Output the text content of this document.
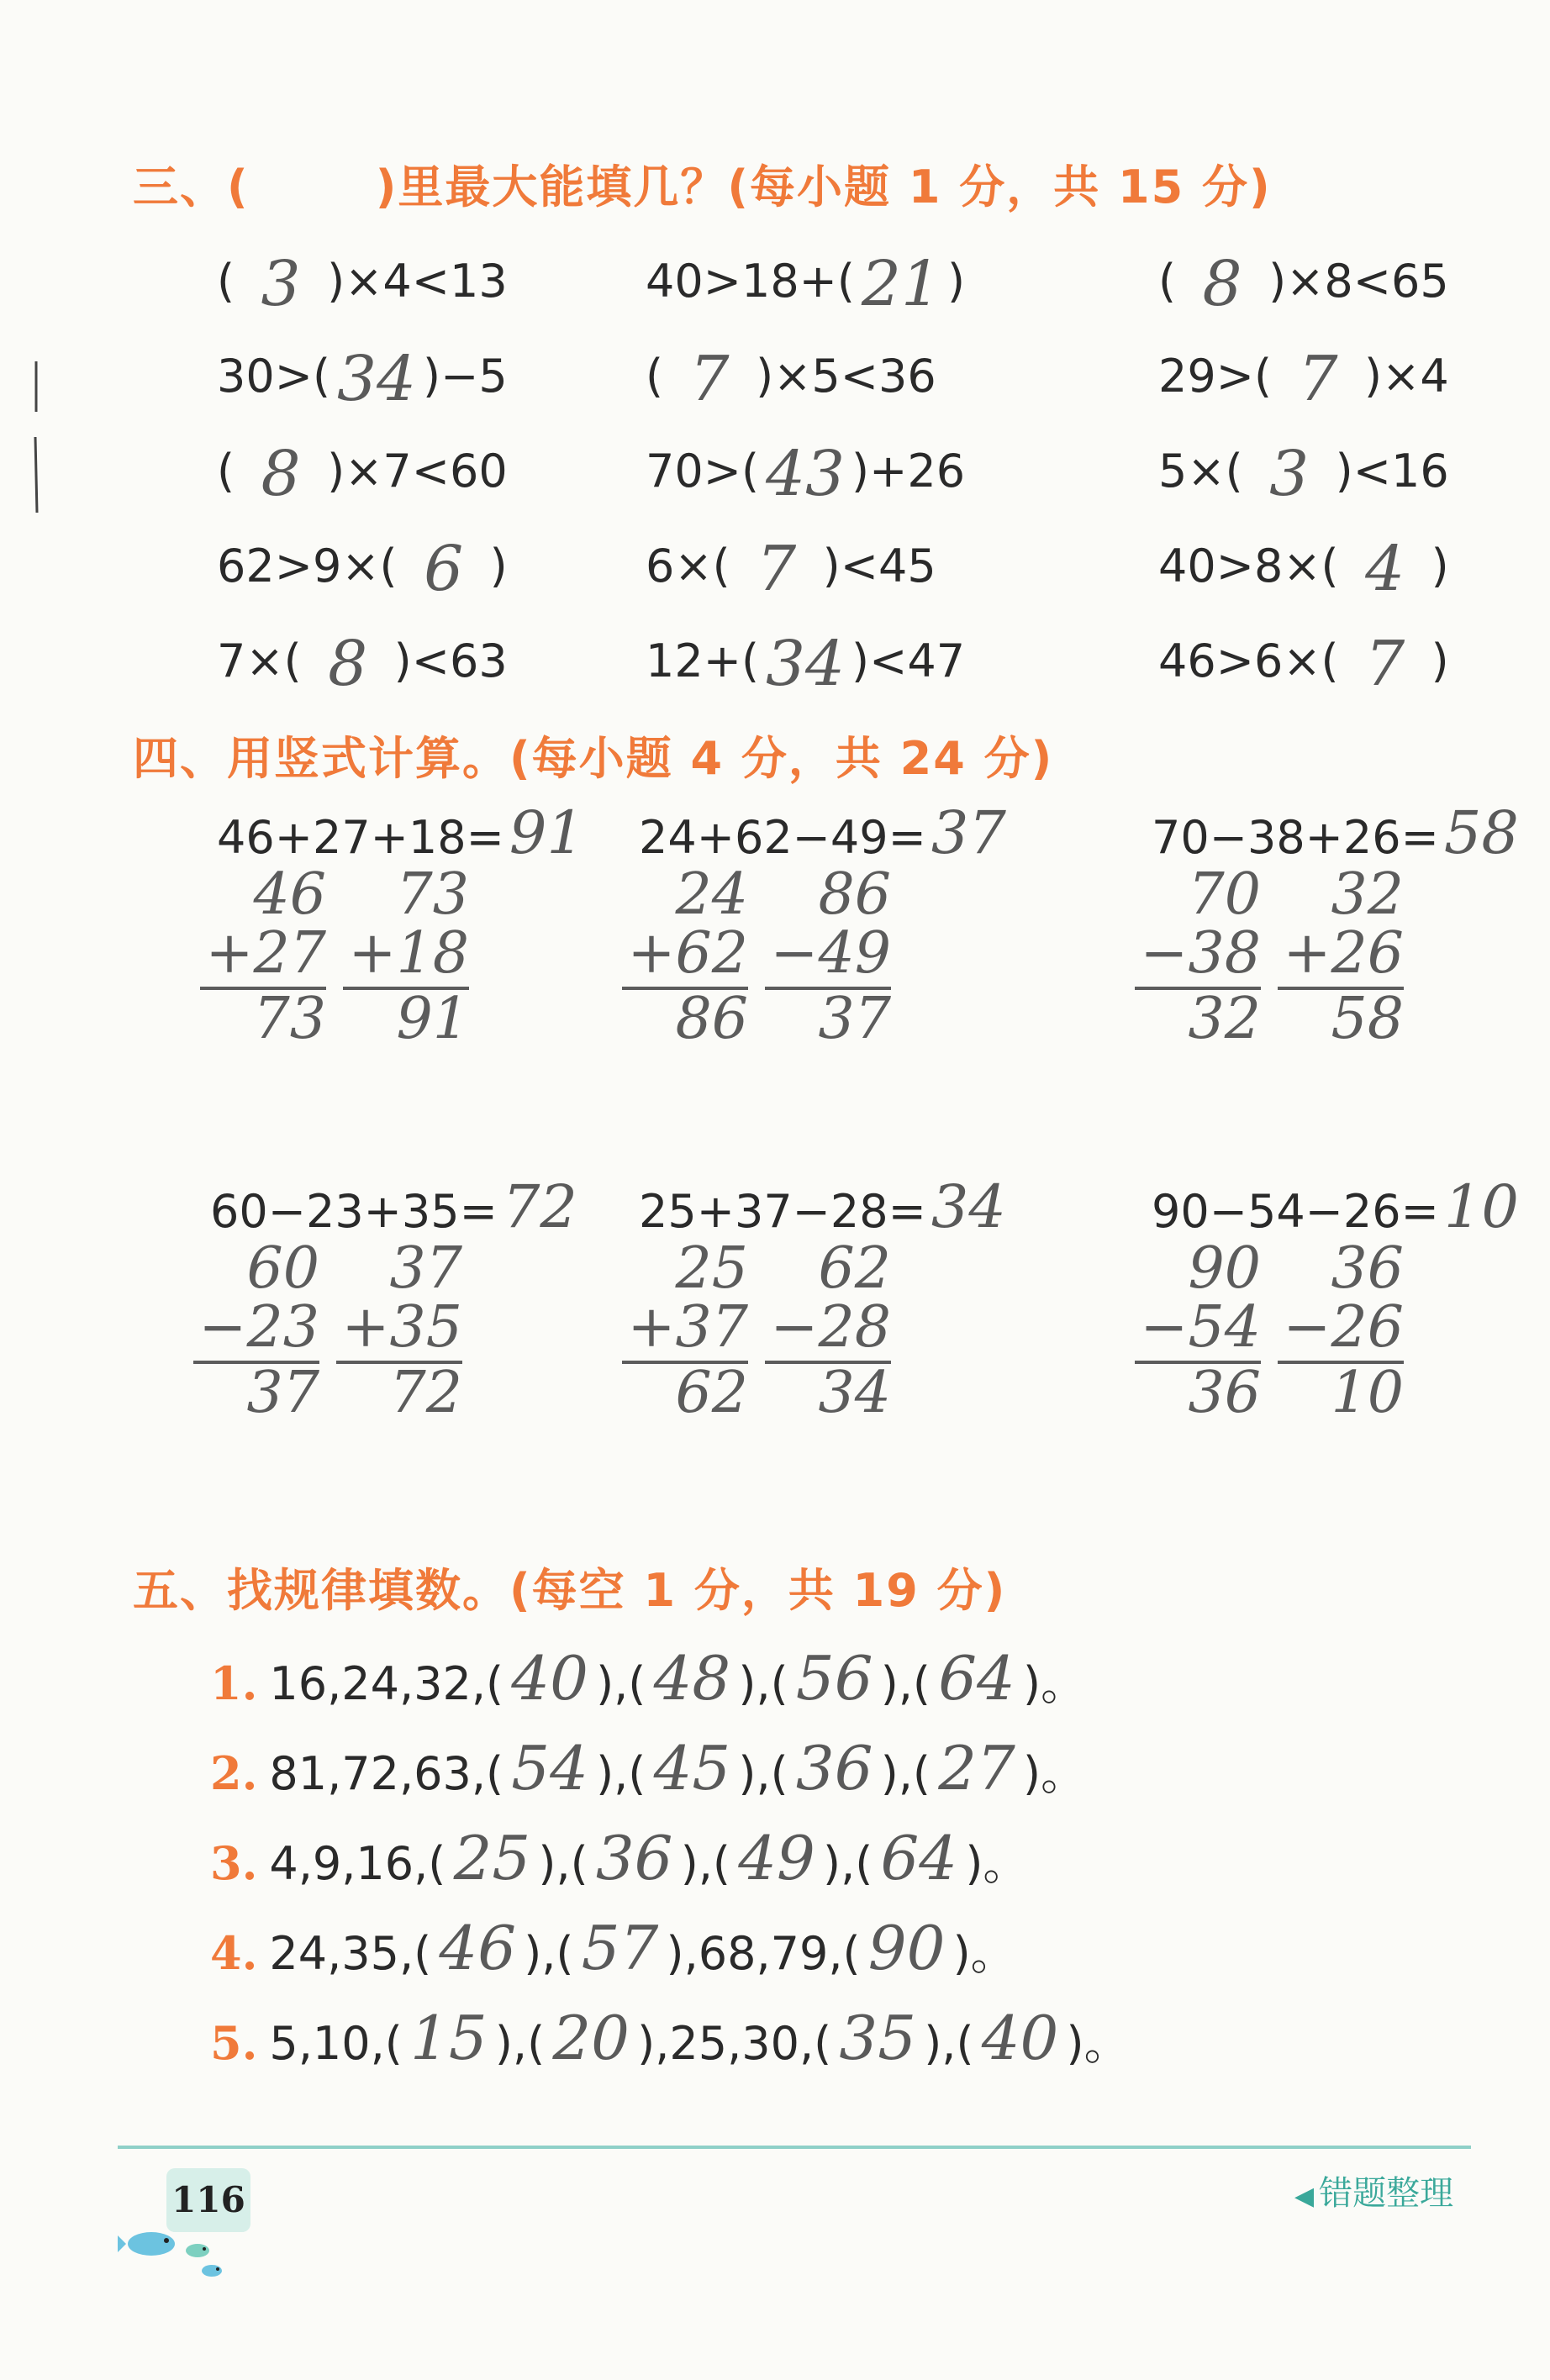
三、(	)里最大能填几？(每小题 1 分，共 15 分)
( 3 )×4<13	40>18+( 21 )	( 8 )×8<65
30>( 34 )−5	( 7 )×5<36	29>( 7 )×4
( 8 )×7<60	70>( 43 )+26	5×( 3 )<16
62>9×( 6 )	6×( 7 )<45	40>8×( 4 )
7×( 8 )<63	12+( 34 )<47	46>6×( 7 )
四、用竖式计算。(每小题 4 分，共 24 分)
46+27+18=91
46
+27
73
73
+18
91
24+62−49=37
24
+62
86
86
−49
37
70−38+26=58
70
−38
32
32
+26
58
60−23+35=72
60
−23
37
37
+35
72
25+37−28=34
25
+37
62
62
−28
34
90−54−26=10
90
−54
36
36
−26
10
五、找规律填数。(每空 1 分，共 19 分)
1. 16,24,32,( 40 ),( 48 ),( 56 ),( 64 )。
2. 81,72,63,( 54 ),( 45 ),( 36 ),( 27 )。
3. 4,9,16,( 25 ),( 36 ),( 49 ),( 64 )。
4. 24,35,( 46 ),( 57 ),68,79,( 90 )。
5. 5,10,( 15 ),( 20 ),25,30,( 35 ),( 40 )。
116	◀ 错题整理
